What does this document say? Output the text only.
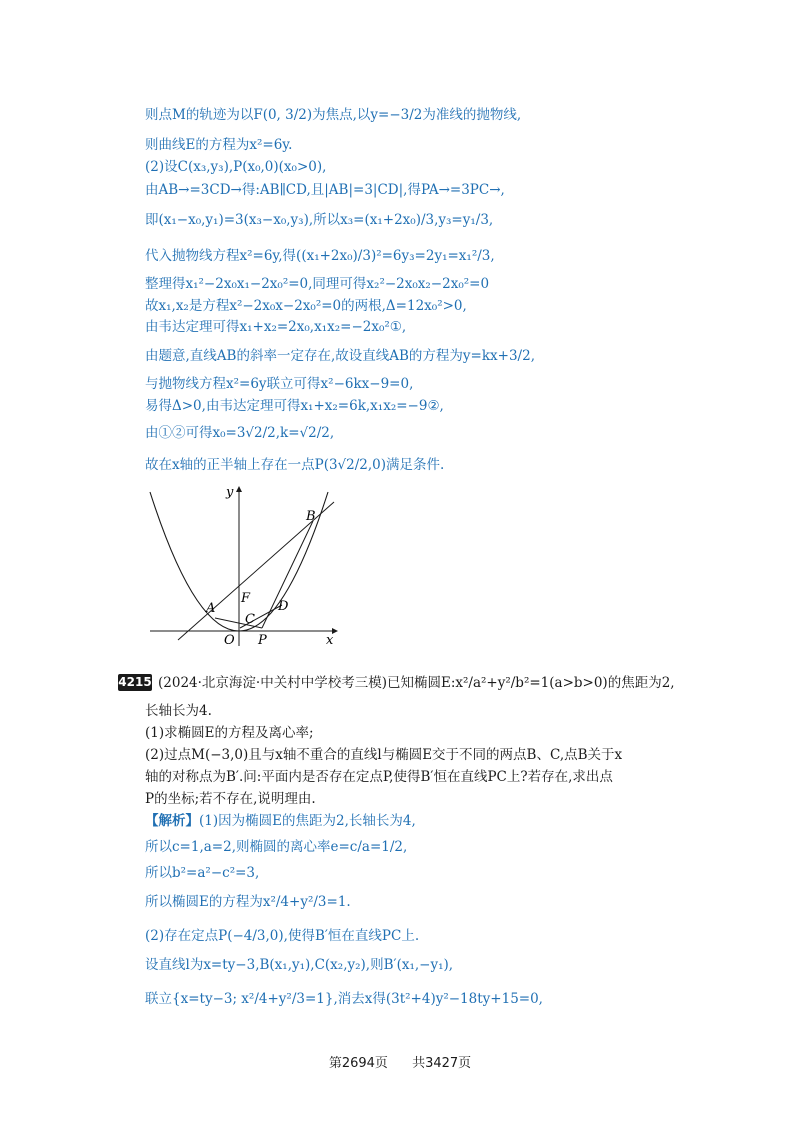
则点M的轨迹为以F(0, 3/2)为焦点,以y=−3/2为准线的抛物线,
则曲线E的方程为x²=6y.
(2)设C(x₃,y₃),P(x₀,0)(x₀>0),
由AB→=3CD→得:AB∥CD,且|AB|=3|CD|,得PA→=3PC→,
即(x₁−x₀,y₁)=3(x₃−x₀,y₃),所以x₃=(x₁+2x₀)/3,y₃=y₁/3,
代入抛物线方程x²=6y,得((x₁+2x₀)/3)²=6y₃=2y₁=x₁²/3,
整理得x₁²−2x₀x₁−2x₀²=0,同理可得x₂²−2x₀x₂−2x₀²=0
故x₁,x₂是方程x²−2x₀x−2x₀²=0的两根,Δ=12x₀²>0,
由韦达定理可得x₁+x₂=2x₀,x₁x₂=−2x₀²①,
由题意,直线AB的斜率一定存在,故设直线AB的方程为y=kx+3/2,
与抛物线方程x²=6y联立可得x²−6kx−9=0,
易得Δ>0,由韦达定理可得x₁+x₂=6k,x₁x₂=−9②,
由①②可得x₀=3√2/2,k=√2/2,
故在x轴的正半轴上存在一点P(3√2/2,0)满足条件.
y
B
F
A
C
D
O P	x
4215 (2024·北京海淀·中关村中学校考三模)已知椭圆E:x²/a²+y²/b²=1(a>b>0)的焦距为2,
长轴长为4.
(1)求椭圆E的方程及离心率;
(2)过点M(−3,0)且与x轴不重合的直线l与椭圆E交于不同的两点B、C,点B关于x
轴的对称点为B′.问:平面内是否存在定点P,使得B′恒在直线PC上?若存在,求出点
P的坐标;若不存在,说明理由.
【解析】(1)因为椭圆E的焦距为2,长轴长为4,
所以c=1,a=2,则椭圆的离心率e=c/a=1/2,
所以b²=a²−c²=3,
所以椭圆E的方程为x²/4+y²/3=1.
(2)存在定点P(−4/3,0),使得B′恒在直线PC上.
设直线l为x=ty−3,B(x₁,y₁),C(x₂,y₂),则B′(x₁,−y₁),
联立{x=ty−3; x²/4+y²/3=1},消去x得(3t²+4)y²−18ty+15=0,
第2694页 共3427页
